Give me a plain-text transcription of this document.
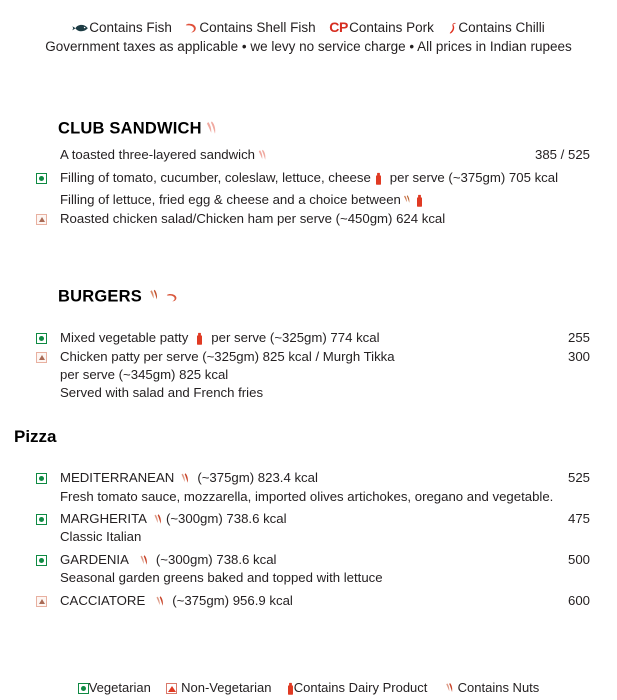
Contains Fish Contains Shell Fish CPContains Pork Contains Chilli
Government taxes as applicable • we levy no service charge • All prices in Indian rupees
CLUB SANDWICH
A toasted three-layered sandwich	385 / 525
Filling of tomato, cucumber, coleslaw, lettuce, cheese per serve (~375gm) 705 kcal
Filling of lettuce, fried egg & cheese and a choice between
Roasted chicken salad/Chicken ham per serve (~450gm) 624 kcal
BURGERS
Mixed vegetable patty per serve (~325gm) 774 kcal	255
Chicken patty per serve (~325gm) 825 kcal / Murgh Tikka	300
per serve (~345gm) 825 kcal
Served with salad and French fries
Pizza
MEDITERRANEAN (~375gm) 823.4 kcal	525
Fresh tomato sauce, mozzarella, imported olives artichokes, oregano and vegetable.
MARGHERITA (~300gm) 738.6 kcal	475
Classic Italian
GARDENIA (~300gm) 738.6 kcal	500
Seasonal garden greens baked and topped with lettuce
CACCIATORE (~375gm) 956.9 kcal	600
Vegetarian Non-Vegetarian Contains Dairy Product Contains Nuts
